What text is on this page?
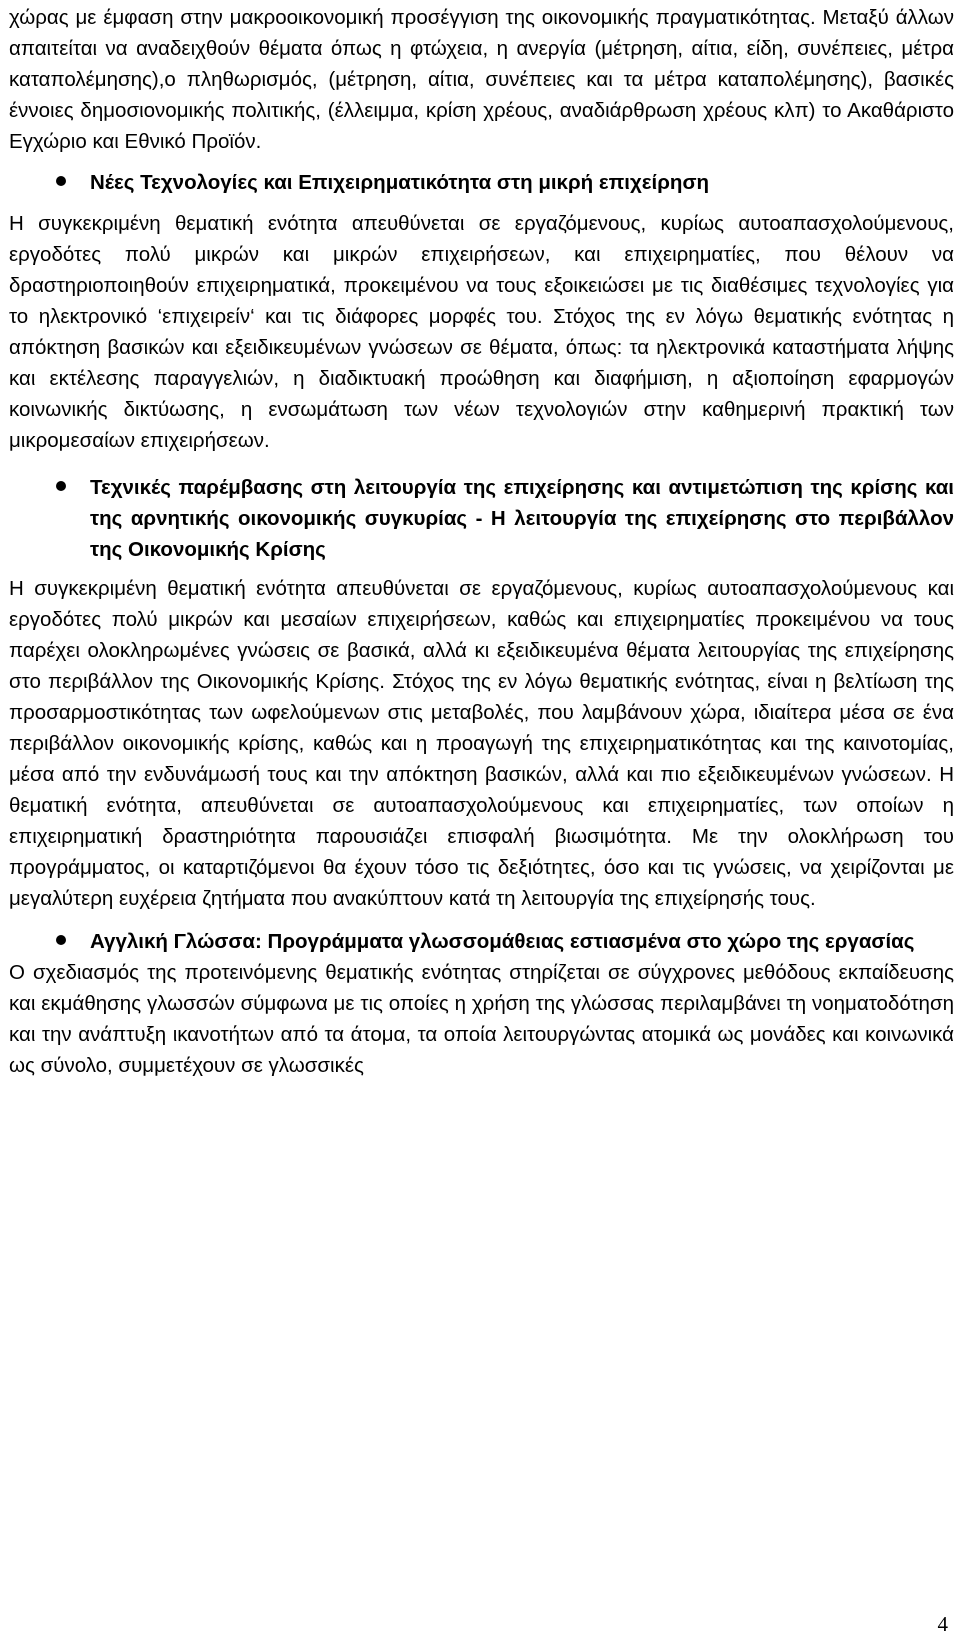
χώρας με έμφαση στην μακροοικονομική προσέγγιση της οικονομικής πραγματικότητας. Μεταξύ άλλων απαιτείται να αναδειχθούν θέματα όπως η φτώχεια, η ανεργία (μέτρηση, αίτια, είδη, συνέπειες, μέτρα καταπολέμησης),ο πληθωρισμός, (μέτρηση, αίτια, συνέπειες και τα μέτρα καταπολέμησης), βασικές έννοιες δημοσιονομικής πολιτικής, (έλλειμμα, κρίση χρέους, αναδιάρθρωση χρέους κλπ) το Ακαθάριστο Εγχώριο και Εθνικό Προϊόν.

Νέες Τεχνολογίες και Επιχειρηματικότητα στη μικρή επιχείρηση

Η συγκεκριμένη θεματική ενότητα απευθύνεται σε εργαζόμενους, κυρίως αυτοαπασχολούμενους, εργοδότες πολύ μικρών και μικρών επιχειρήσεων, και επιχειρηματίες, που θέλουν να δραστηριοποιηθούν επιχειρηματικά, προκειμένου να τους εξοικειώσει με τις διαθέσιμες τεχνολογίες για το ηλεκτρονικό ‘επιχειρείν‘ και τις διάφορες μορφές του. Στόχος της εν λόγω θεματικής ενότητας η απόκτηση βασικών και εξειδικευμένων γνώσεων σε θέματα, όπως: τα ηλεκτρονικά καταστήματα λήψης και εκτέλεσης παραγγελιών, η διαδικτυακή προώθηση και διαφήμιση, η αξιοποίηση εφαρμογών κοινωνικής δικτύωσης, η ενσωμάτωση των νέων τεχνολογιών στην καθημερινή πρακτική των μικρομεσαίων επιχειρήσεων.

Τεχνικές παρέμβασης στη λειτουργία της επιχείρησης και αντιμετώπιση της κρίσης και της αρνητικής οικονομικής συγκυρίας - Η λειτουργία της επιχείρησης στο περιβάλλον της Οικονομικής Κρίσης

Η συγκεκριμένη θεματική ενότητα απευθύνεται σε εργαζόμενους, κυρίως αυτοαπασχολούμενους και εργοδότες πολύ μικρών και μεσαίων επιχειρήσεων, καθώς και επιχειρηματίες προκειμένου να τους παρέχει ολοκληρωμένες γνώσεις σε βασικά, αλλά κι εξειδικευμένα θέματα λειτουργίας της επιχείρησης στο περιβάλλον της Οικονομικής Κρίσης. Στόχος της εν λόγω θεματικής ενότητας, είναι η βελτίωση της προσαρμοστικότητας των ωφελούμενων στις μεταβολές, που λαμβάνουν χώρα, ιδιαίτερα μέσα σε ένα περιβάλλον οικονομικής κρίσης, καθώς και η προαγωγή της επιχειρηματικότητας και της καινοτομίας, μέσα από την ενδυνάμωσή τους και την απόκτηση βασικών, αλλά και πιο εξειδικευμένων γνώσεων. Η θεματική ενότητα, απευθύνεται σε αυτοαπασχολούμενους και επιχειρηματίες, των οποίων η επιχειρηματική δραστηριότητα παρουσιάζει επισφαλή βιωσιμότητα. Με την ολοκλήρωση του προγράμματος, οι καταρτιζόμενοι θα έχουν τόσο τις δεξιότητες, όσο και τις γνώσεις, να χειρίζονται με μεγαλύτερη ευχέρεια ζητήματα που ανακύπτουν κατά τη λειτουργία της επιχείρησής τους.

Αγγλική Γλώσσα: Προγράμματα γλωσσομάθειας εστιασμένα στο χώρο της εργασίας

Ο σχεδιασμός της προτεινόμενης θεματικής ενότητας στηρίζεται σε σύγχρονες μεθόδους εκπαίδευσης και εκμάθησης γλωσσών σύμφωνα με τις οποίες η χρήση της γλώσσας περιλαμβάνει τη νοηματοδότηση και την ανάπτυξη ικανοτήτων από τα άτομα, τα οποία λειτουργώντας ατομικά ως μονάδες και κοινωνικά ως σύνολο, συμμετέχουν σε γλωσσικές

4
